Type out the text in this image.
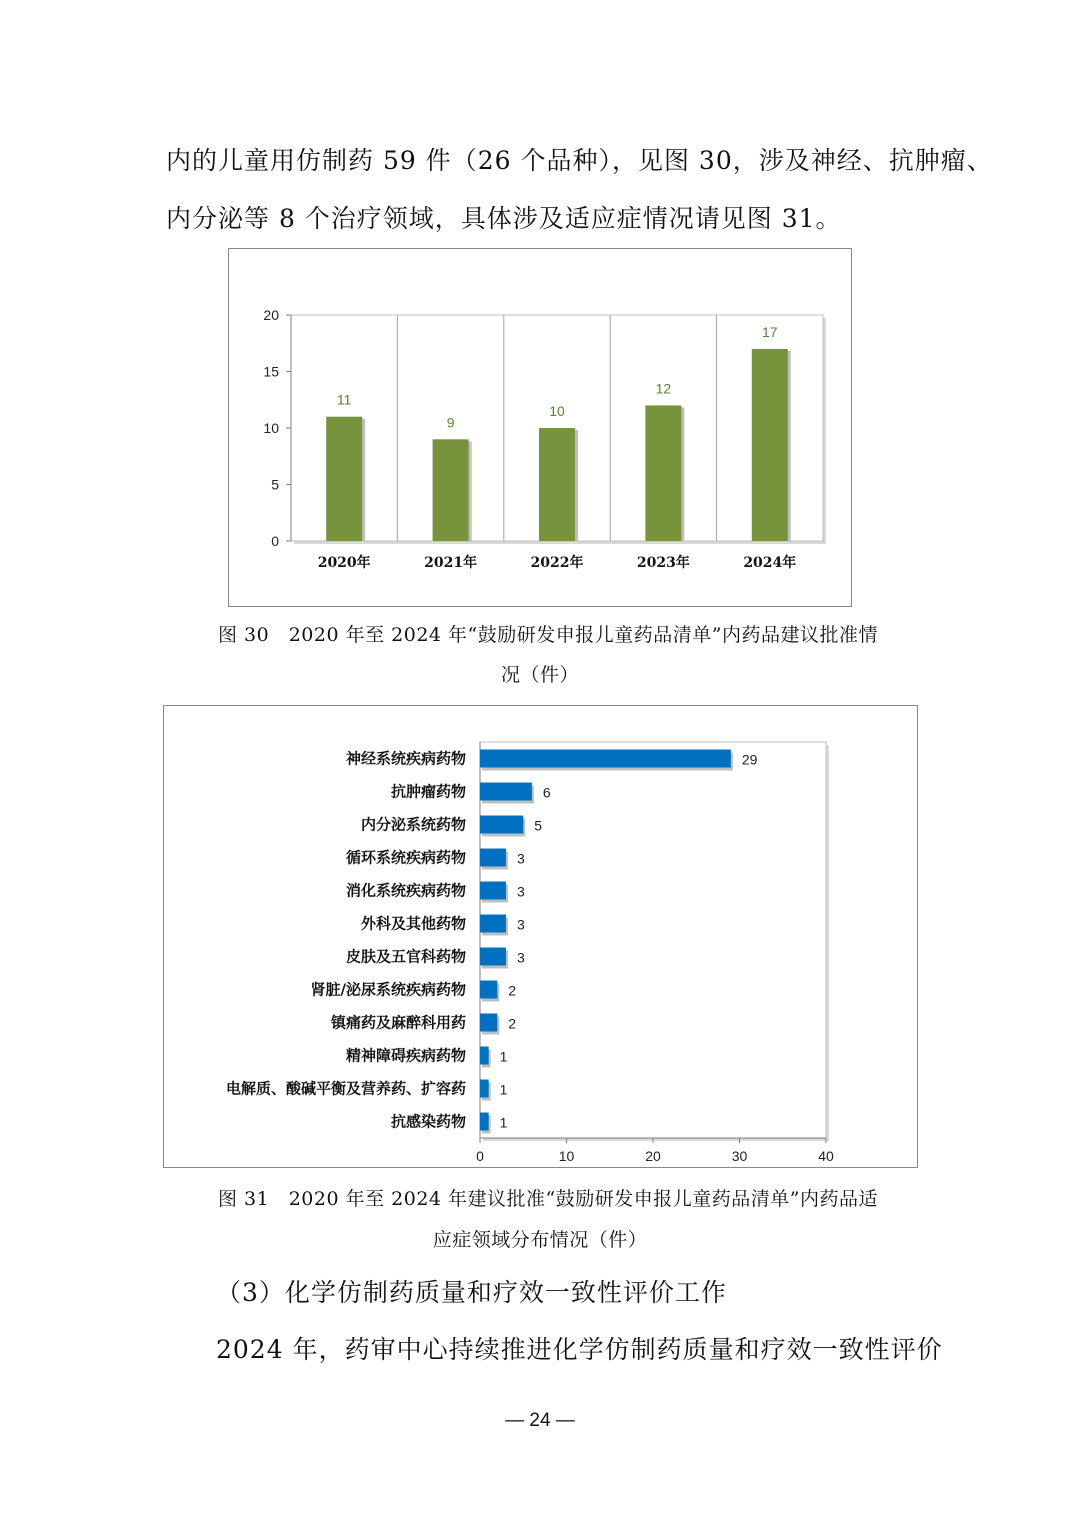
内的儿童用仿制药 59 件（26 个品种），见图 30，涉及神经、抗肿瘤、
内分泌等 8 个治疗领域，具体涉及适应症情况请见图 31。
0
5
10
15
20
11
2020年
9
2021年
10
2022年
12
2023年
17
2024年
图 30　2020 年至 2024 年“鼓励研发申报儿童药品清单”内药品建议批准情
况（件）
0	10	20	30	40
29
神经系统疾病药物
6
抗肿瘤药物
5
内分泌系统药物
3
循环系统疾病药物
3
消化系统疾病药物
3
外科及其他药物
3
皮肤及五官科药物
2
肾脏/泌尿系统疾病药物
2
镇痛药及麻醉科用药
1
精神障碍疾病药物
1
电解质、酸碱平衡及营养药、扩容药
1
抗感染药物
图 31　2020 年至 2024 年建议批准“鼓励研发申报儿童药品清单”内药品适
应症领域分布情况（件）
（3）化学仿制药质量和疗效一致性评价工作
2024 年，药审中心持续推进化学仿制药质量和疗效一致性评价
— 24 —
